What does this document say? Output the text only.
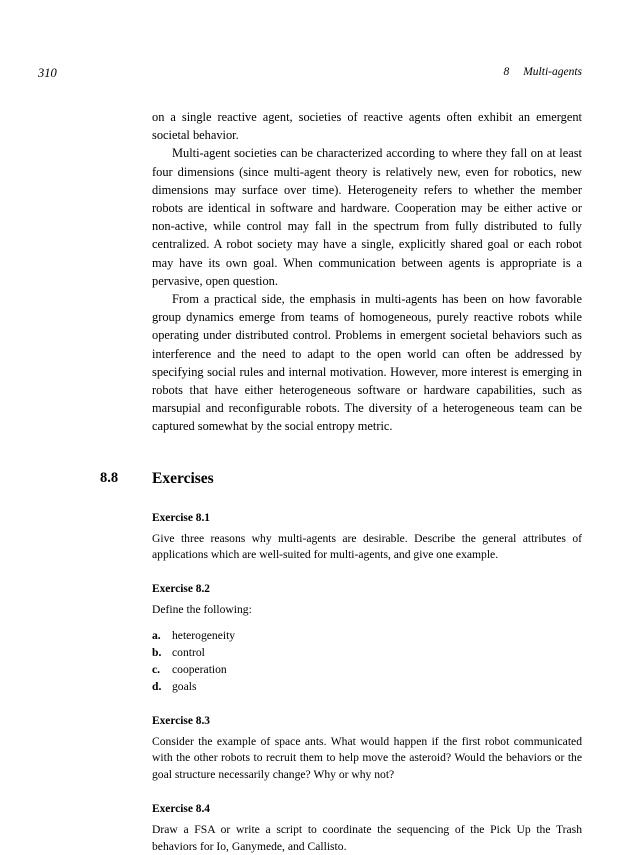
310	8 Multi-agents

on a single reactive agent, societies of reactive agents often exhibit an emergent societal behavior.

Multi-agent societies can be characterized according to where they fall on at least four dimensions (since multi-agent theory is relatively new, even for robotics, new dimensions may surface over time). Heterogeneity refers to whether the member robots are identical in software and hardware. Cooperation may be either active or non-active, while control may fall in the spectrum from fully distributed to fully centralized. A robot society may have a single, explicitly shared goal or each robot may have its own goal. When communication between agents is appropriate is a pervasive, open question.

From a practical side, the emphasis in multi-agents has been on how favorable group dynamics emerge from teams of homogeneous, purely reactive robots while operating under distributed control. Problems in emergent societal behaviors such as interference and the need to adapt to the open world can often be addressed by specifying social rules and internal motivation. However, more interest is emerging in robots that have either heterogeneous software or hardware capabilities, such as marsupial and reconfigurable robots. The diversity of a heterogeneous team can be captured somewhat by the social entropy metric.

8.8 Exercises
Exercise 8.1
Give three reasons why multi-agents are desirable. Describe the general attributes of applications which are well-suited for multi-agents, and give one example.
Exercise 8.2
Define the following:
a. heterogeneity
b. control
c. cooperation
d. goals
Exercise 8.3
Consider the example of space ants. What would happen if the first robot communicated with the other robots to recruit them to help move the asteroid? Would the behaviors or the goal structure necessarily change? Why or why not?
Exercise 8.4
Draw a FSA or write a script to coordinate the sequencing of the Pick Up the Trash behaviors for Io, Ganymede, and Callisto.
